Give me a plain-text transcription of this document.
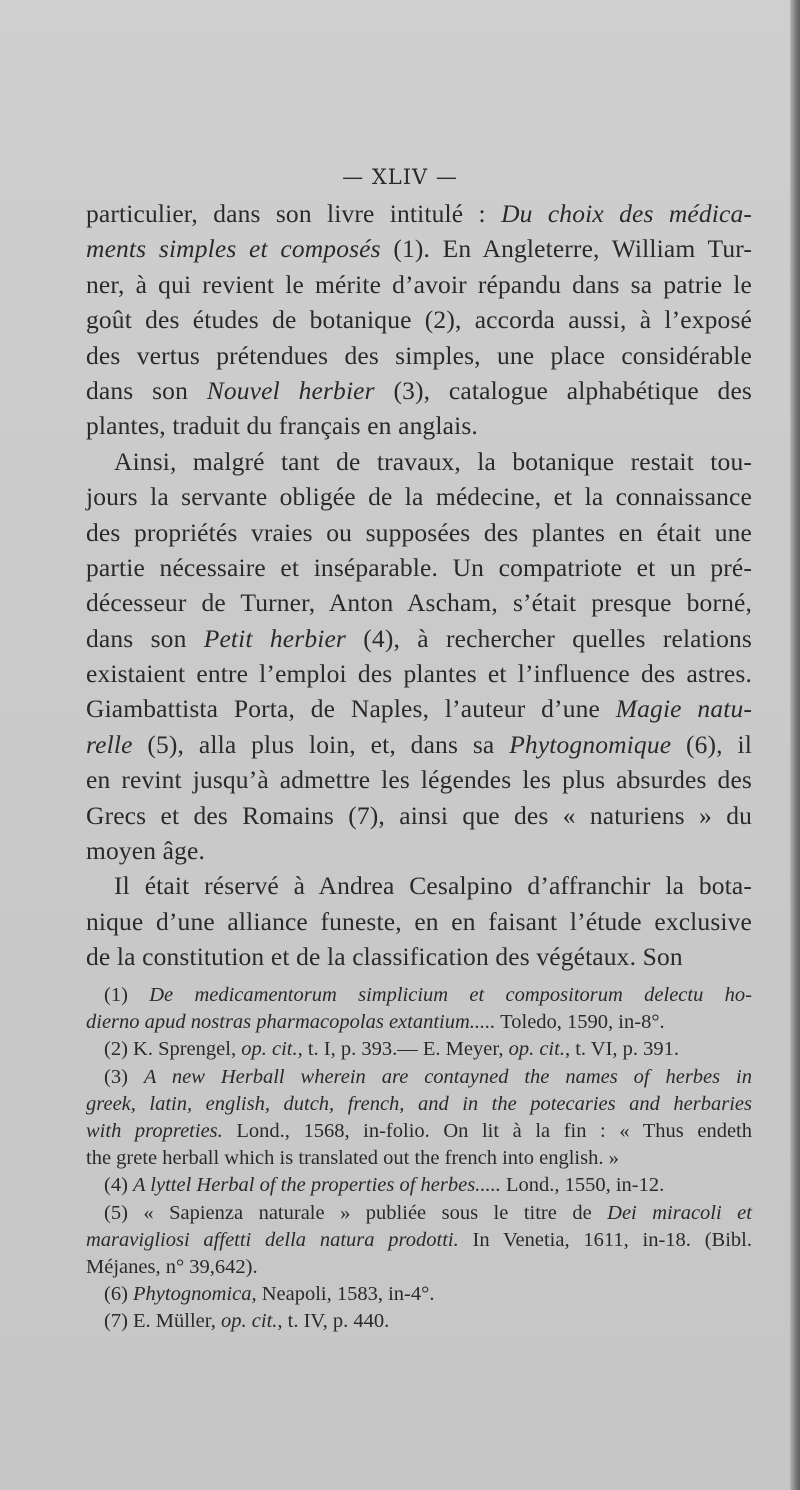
— XLIV —
particulier, dans son livre intitulé : Du choix des médica-
ments simples et composés (1). En Angleterre, William Tur-
ner, à qui revient le mérite d’avoir répandu dans sa patrie le
goût des études de botanique (2), accorda aussi, à l’exposé
des vertus prétendues des simples, une place considérable
dans son Nouvel herbier (3), catalogue alphabétique des
plantes, traduit du français en anglais.
Ainsi, malgré tant de travaux, la botanique restait tou-
jours la servante obligée de la médecine, et la connaissance
des propriétés vraies ou supposées des plantes en était une
partie nécessaire et inséparable. Un compatriote et un pré-
décesseur de Turner, Anton Ascham, s’était presque borné,
dans son Petit herbier (4), à rechercher quelles relations
existaient entre l’emploi des plantes et l’influence des astres.
Giambattista Porta, de Naples, l’auteur d’une Magie natu-
relle (5), alla plus loin, et, dans sa Phytognomique (6), il
en revint jusqu’à admettre les légendes les plus absurdes des
Grecs et des Romains (7), ainsi que des « naturiens » du
moyen âge.
Il était réservé à Andrea Cesalpino d’affranchir la bota-
nique d’une alliance funeste, en en faisant l’étude exclusive
de la constitution et de la classification des végétaux. Son
(1) De medicamentorum simplicium et compositorum delectu ho-
dierno apud nostras pharmacopolas extantium..... Toledo, 1590, in-8°.
(2) K. Sprengel, op. cit., t. I, p. 393.— E. Meyer, op. cit., t. VI, p. 391.
(3) A new Herball wherein are contayned the names of herbes in
greek, latin, english, dutch, french, and in the potecaries and herbaries
with propreties. Lond., 1568, in-folio. On lit à la fin : « Thus endeth
the grete herball which is translated out the french into english. »
(4) A lyttel Herbal of the properties of herbes..... Lond., 1550, in-12.
(5) « Sapienza naturale » publiée sous le titre de Dei miracoli et
maravigliosi affetti della natura prodotti. In Venetia, 1611, in-18. (Bibl.
Méjanes, n° 39,642).
(6) Phytognomica, Neapoli, 1583, in-4°.
(7) E. Müller, op. cit., t. IV, p. 440.
